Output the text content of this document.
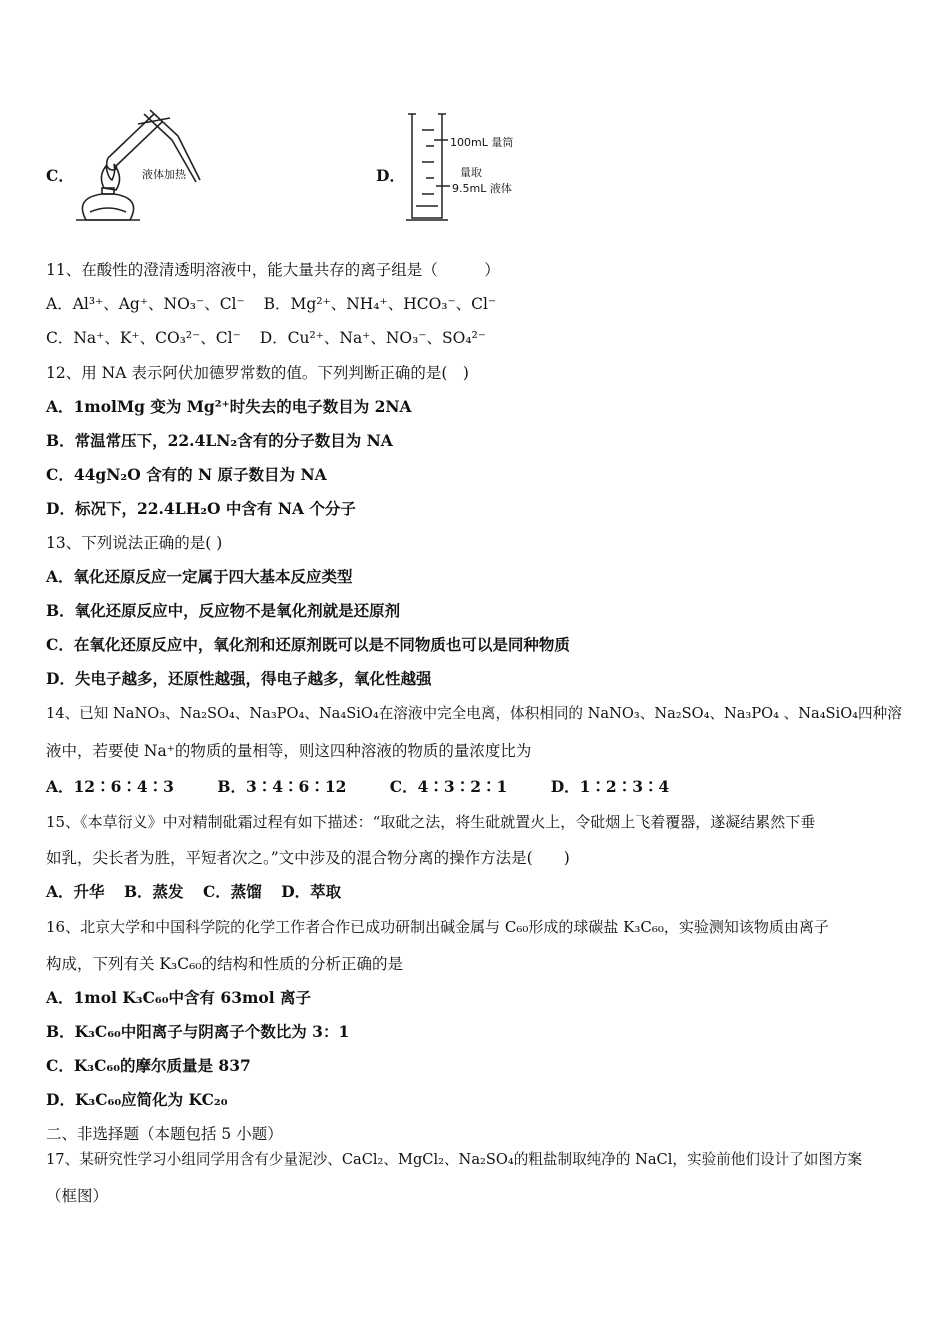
C．	液体加热	D．
100mL 量筒
量取
9.5mL 液体
11、在酸性的澄清透明溶液中，能大量共存的离子组是（　　　）
A．Al³⁺、Ag⁺、NO₃⁻、Cl⁻ B．Mg²⁺、NH₄⁺、HCO₃⁻、Cl⁻
C．Na⁺、K⁺、CO₃²⁻、Cl⁻ D．Cu²⁺、Na⁺、NO₃⁻、SO₄²⁻
12、用 NA 表示阿伏加德罗常数的值。下列判断正确的是(　)
A．1molMg 变为 Mg²⁺时失去的电子数目为 2NA
B．常温常压下，22.4LN₂含有的分子数目为 NA
C．44gN₂O 含有的 N 原子数目为 NA
D．标况下，22.4LH₂O 中含有 NA 个分子
13、下列说法正确的是( )
A．氧化还原反应一定属于四大基本反应类型
B．氧化还原反应中，反应物不是氧化剂就是还原剂
C．在氧化还原反应中，氧化剂和还原剂既可以是不同物质也可以是同种物质
D．失电子越多，还原性越强，得电子越多，氧化性越强
14、已知 NaNO₃、Na₂SO₄、Na₃PO₄、Na₄SiO₄在溶液中完全电离，体积相同的 NaNO₃、Na₂SO₄、Na₃PO₄ 、Na₄SiO₄四种溶
液中，若要使 Na⁺的物质的量相等，则这四种溶液的物质的量浓度比为
A．12∶6∶4∶3	B．3∶4∶6∶12	C．4∶3∶2∶1	D．1∶2∶3∶4
15、《本草衍义》中对精制砒霜过程有如下描述：“取砒之法，将生砒就置火上，令砒烟上飞着覆器，遂凝结累然下垂
如乳，尖长者为胜，平短者次之。”文中涉及的混合物分离的操作方法是(　　)
A．升华 B．蒸发 C．蒸馏 D．萃取
16、北京大学和中国科学院的化学工作者合作已成功研制出碱金属与 C₆₀形成的球碳盐 K₃C₆₀，实验测知该物质由离子
构成，下列有关 K₃C₆₀的结构和性质的分析正确的是
A．1mol K₃C₆₀中含有 63mol 离子
B．K₃C₆₀中阳离子与阴离子个数比为 3：1
C．K₃C₆₀的摩尔质量是 837
D．K₃C₆₀应简化为 KC₂₀
二、非选择题（本题包括 5 小题）
17、某研究性学习小组同学用含有少量泥沙、CaCl₂、MgCl₂、Na₂SO₄的粗盐制取纯净的 NaCl，实验前他们设计了如图方案
（框图）
